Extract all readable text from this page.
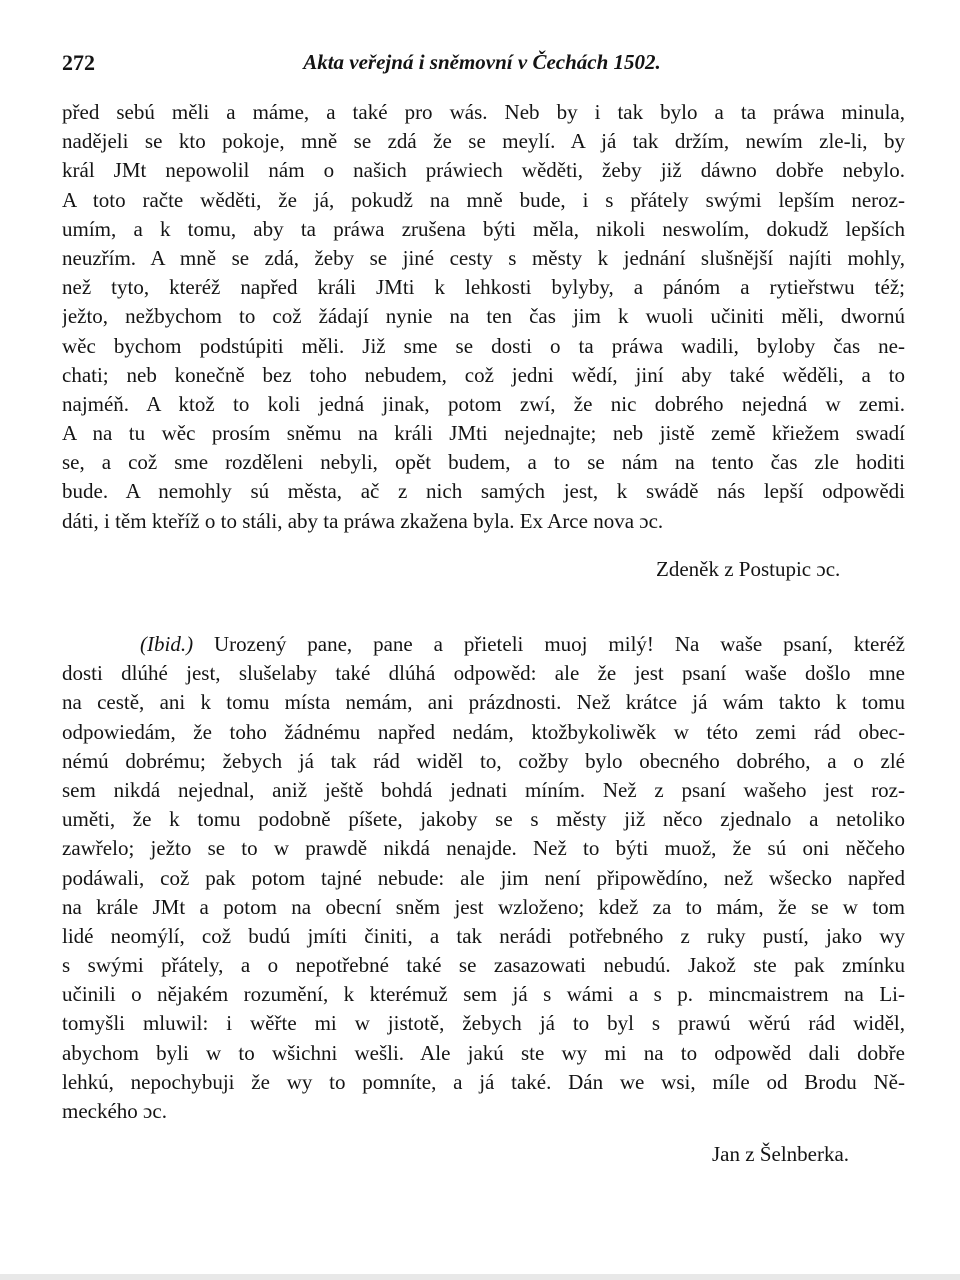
272	Akta veřejná i sněmovní v Čechách 1502.
před sebú měli a máme, a také pro wás. Neb by i tak bylo a ta práwa minula,
nadějeli se kto pokoje, mně se zdá že se meylí. A já tak držím, newím zle-li, by
král JMt nepowolil nám o našich práwiech wěděti, žeby již dáwno dobře nebylo.
A toto račte wěděti, že já, pokudž na mně bude, i s přátely swými lepším neroz-
umím, a k tomu, aby ta práwa zrušena býti měla, nikoli neswolím, dokudž lepších
neuzřím. A mně se zdá, žeby se jiné cesty s městy k jednání slušnější najíti mohly,
než tyto, kteréž napřed králi JMti k lehkosti bylyby, a pánóm a rytieřstwu též;
ježto, nežbychom to což žádají nynie na ten čas jim k wuoli učiniti měli, dwornú
wěc bychom podstúpiti měli. Již sme se dosti o ta práwa wadili, byloby čas ne-
chati; neb konečně bez toho nebudem, což jedni wědí, jiní aby také wěděli, a to
najméň. A ktož to koli jedná jinak, potom zwí, že nic dobrého nejedná w zemi.
A na tu wěc prosím sněmu na králi JMti nejednajte; neb jistě země křiežem swadí
se, a což sme rozděleni nebyli, opět budem, a to se nám na tento čas zle hoditi
bude. A nemohly sú města, ač z nich samých jest, k swádě nás lepší odpowědi
dáti, i těm kteříž o to stáli, aby ta práwa zkažena byla. Ex Arce nova ɔc.
Zdeněk z Postupic ɔc.
(Ibid.) Urozený pane, pane a přieteli muoj milý! Na waše psaní, kteréž
dosti dlúhé jest, slušelaby také dlúhá odpowěd: ale že jest psaní waše došlo mne
na cestě, ani k tomu místa nemám, ani prázdnosti. Než krátce já wám takto k tomu
odpowiedám, že toho žádnému napřed nedám, ktožbykoliwěk w této zemi rád obec-
némú dobrému; žebych já tak rád widěl to, cožby bylo obecného dobrého, a o zlé
sem nikdá nejednal, aniž ještě bohdá jednati míním. Než z psaní wašeho jest roz-
uměti, že k tomu podobně píšete, jakoby se s městy již něco zjednalo a netoliko
zawřelo; ježto se to w prawdě nikdá nenajde. Než to býti muož, že sú oni něčeho
podáwali, což pak potom tajné nebude: ale jim není připowědíno, než wšecko napřed
na krále JMt a potom na obecní sněm jest wzloženo; kdež za to mám, že se w tom
lidé neomýlí, což budú jmíti činiti, a tak nerádi potřebného z ruky pustí, jako wy
s swými přátely, a o nepotřebné také se zasazowati nebudú. Jakož ste pak zmínku
učinili o nějakém rozumění, k kterémuž sem já s wámi a s p. mincmaistrem na Li-
tomyšli mluwil: i wěřte mi w jistotě, žebych já to byl s prawú wěrú rád widěl,
abychom byli w to wšichni wešli. Ale jakú ste wy mi na to odpowěd dali dobře
lehkú, nepochybuji že wy to pomníte, a já také. Dán we wsi, míle od Brodu Ně-
meckého ɔc.
Jan z Šelnberka.
